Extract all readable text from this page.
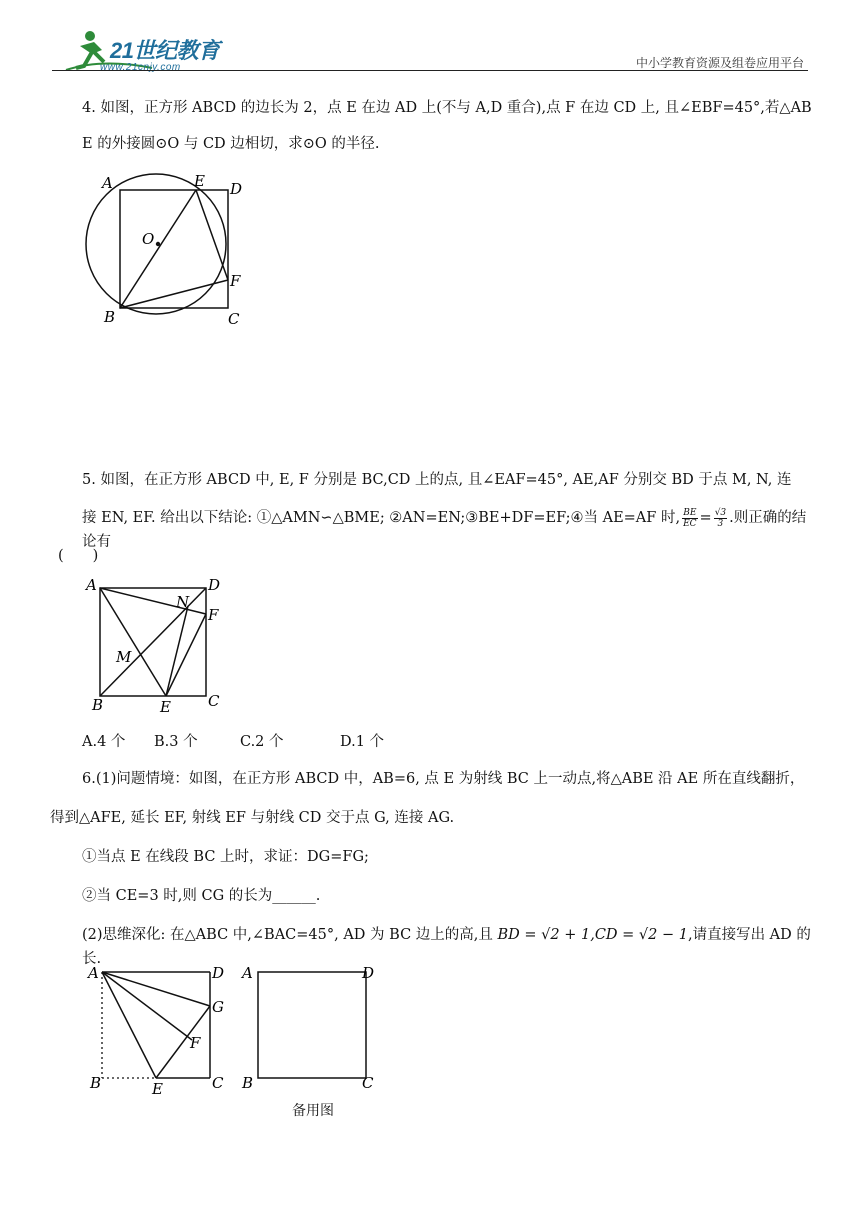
21世纪教育
www.21cnjy.com	中小学教育资源及组卷应用平台
4. 如图，正方形 ABCD 的边长为 2，点 E 在边 AD 上(不与 A,D 重合),点 F 在边 CD 上, 且∠EBF=45°,若△AB
E 的外接圆⊙O 与 CD 边相切，求⊙O 的半径.
A	E D
O
F
B	C
5. 如图，在正方形 ABCD 中, E, F 分别是 BC,CD 上的点, 且∠EAF=45°, AE,AF 分别交 BD 于点 M, N, 连
接 EN, EF. 给出以下结论: ①△AMN∽△BME; ②AN=EN;③BE+DF=EF;④当 AE=AF 时, $\frac{BE}{EC} = \frac{√3}{3}$ .则正确的结论有
(　　)
A	D
N
F
M
B	E C
A.4 个 B.3 个	C.2 个	D.1 个
6.(1)问题情境：如图，在正方形 ABCD 中，AB=6, 点 E 为射线 BC 上一动点,将△ABE 沿 AE 所在直线翻折，
得到△AFE, 延长 EF, 射线 EF 与射线 CD 交于点 G, 连接 AG.
①当点 E 在线段 BC 上时，求证：DG=FG;
②当 CE=3 时,则 CG 的长为______.
(2)思维深化: 在△ABC 中,∠BAC=45°, AD 为 BC 边上的高,且 BD = √2 + 1,CD = √2 − 1,请直接写出 AD 的长.
A	D
G
F
B	E	C
A	D
B	C
备用图
